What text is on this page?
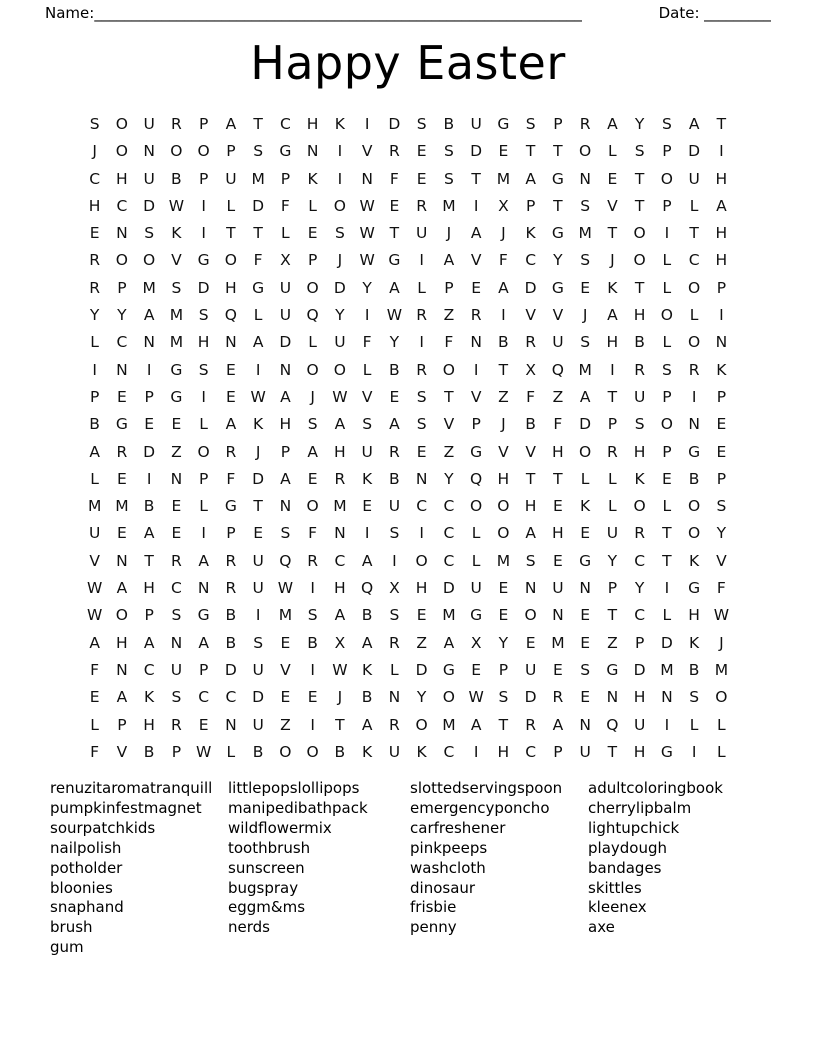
Name: _________________________________________________________________	Date: _________
Happy Easter
S	O U	R	P	A	T	C	H	K	I	D	S	B	U	G	S	P	R	A	Y	S	A	T
J	O N O O	P	S	G N	I	V	R	E	S	D	E	T	T	O	L	S	P	D	I
C	H	U	B	P	U M	P	K	I	N	F	E	S	T	M A	G N	E	T	O U	H
H	C	D W	I	L	D	F	L	O W E	R M	I	X	P	T	S	V	T	P	L	A
E	N	S	K	I	T	T	L	E	S W T	U	J	A	J	K	G M	T	O	I	T	H
R	O O	V	G O	F	X	P	J	W G	I	A	V	F	C	Y	S	J	O	L	C	H
R	P	M	S	D H G	U O D	Y	A	L	P	E	A	D G	E	K	T	L	O	P
Y	Y	A M	S	Q	L	U Q	Y	I	W R	Z	R	I	V	V	J	A	H O	L	I
L	C	N M H	N	A	D	L	U	F	Y	I	F	N	B	R	U	S	H	B	L	O N
I	N	I	G	S	E	I	N O O	L	B	R	O	I	T	X	Q M	I	R	S	R	K
P	E	P	G	I	E W A	J	W V	E	S	T	V	Z	F	Z	A	T	U	P	I	P
B	G	E	E	L	A	K	H	S	A	S	A	S	V	P	J	B	F	D	P	S	O N	E
A	R	D	Z	O	R	J	P	A	H	U	R	E	Z	G	V	V	H O	R	H	P	G	E
L	E	I	N	P	F	D	A	E	R	K	B	N	Y	Q H	T	T	L	L	K	E	B	P
M M B	E	L	G	T	N O M	E	U	C	C	O O H	E	K	L	O	L	O	S
U	E	A	E	I	P	E	S	F	N	I	S	I	C	L	O	A	H	E	U	R	T	O	Y
V	N	T	R	A	R	U Q	R	C	A	I	O	C	L	M	S	E	G	Y	C	T	K	V
W A	H	C	N	R	U W	I	H Q	X	H D	U	E	N	U	N	P	Y	I	G	F
W O	P	S	G	B	I	M	S	A	B	S	E	M G	E	O N	E	T	C	L	H W
A	H	A	N	A	B	S	E	B	X	A	R	Z	A	X	Y	E	M	E	Z	P	D	K	J
F	N	C	U	P	D	U	V	I	W K	L	D G	E	P	U	E	S	G D M B M
E	A	K	S	C	C	D	E	E	J	B	N	Y	O W S	D	R	E	N	H	N	S	O
L	P	H	R	E	N	U	Z	I	T	A	R	O M A	T	R	A	N Q U	I	L	L
F	V	B	P W L	B	O O	B	K	U	K	C	I	H	C	P	U	T	H G	I	L
renuzitaromatranquill
pumpkinfestmagnet
sourpatchkids
nailpolish
potholder
bloonies
snaphand
brush
gum
littlepopslollipops
manipedibathpack
wildflowermix
toothbrush
sunscreen
bugspray
eggm&ms
nerds
slottedservingspoon
emergencyponcho
carfreshener
pinkpeeps
washcloth
dinosaur
frisbie
penny
adultcoloringbook
cherrylipbalm
lightupchick
playdough
bandages
skittles
kleenex
axe
